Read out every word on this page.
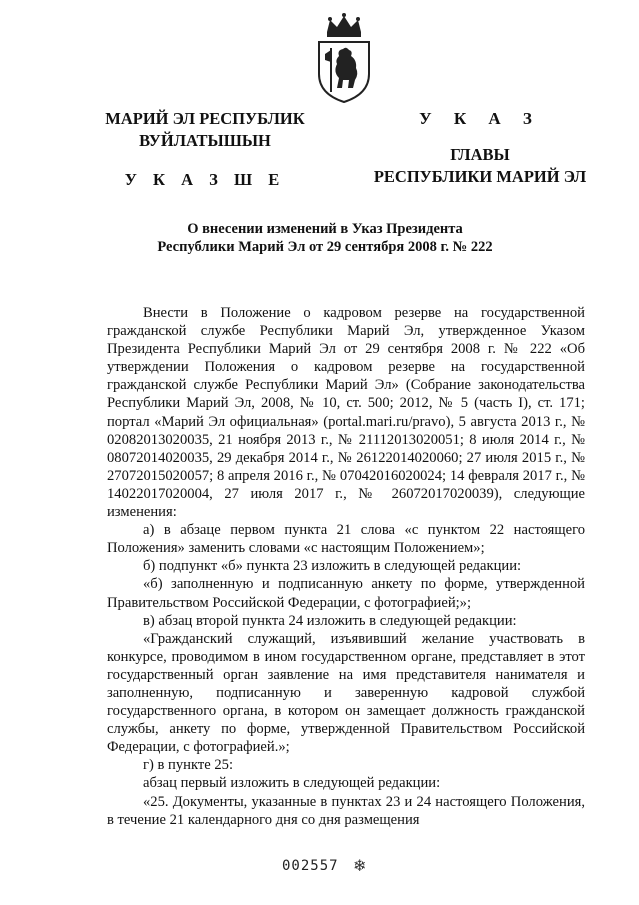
МАРИЙ ЭЛ РЕСПУБЛИК
ВУЙЛАТЫШЫН
У К А З Ш Е
У К А З
ГЛАВЫ
РЕСПУБЛИКИ МАРИЙ ЭЛ
О внесении изменений в Указ Президента
Республики Марий Эл от 29 сентября 2008 г. № 222

Внести в Положение о кадровом резерве на государственной гражданской службе Республики Марий Эл, утвержденное Указом Президента Республики Марий Эл от 29 сентября 2008 г. № 222 «Об утверждении Положения о кадровом резерве на государственной гражданской службе Республики Марий Эл» (Собрание законодательства Республики Марий Эл, 2008, № 10, ст. 500; 2012, № 5 (часть I), ст. 171; портал «Марий Эл официальная» (portal.mari.ru/pravo), 5 августа 2013 г., № 02082013020035, 21 ноября 2013 г., № 21112013020051; 8 июля 2014 г., № 08072014020035, 29 декабря 2014 г., № 26122014020060; 27 июля 2015 г., № 27072015020057; 8 апреля 2016 г., № 07042016020024; 14 февраля 2017 г., № 14022017020004, 27 июля 2017 г., № 26072017020039), следующие изменения:

а) в абзаце первом пункта 21 слова «с пунктом 22 настоящего Положения» заменить словами «с настоящим Положением»;

б) подпункт «б» пункта 23 изложить в следующей редакции:

«б) заполненную и подписанную анкету по форме, утвержденной Правительством Российской Федерации, с фотографией;»;

в) абзац второй пункта 24 изложить в следующей редакции:

«Гражданский служащий, изъявивший желание участвовать в конкурсе, проводимом в ином государственном органе, представляет в этот государственный орган заявление на имя представителя нанимателя и заполненную, подписанную и заверенную кадровой службой государственного органа, в котором он замещает должность гражданской службы, анкету по форме, утвержденной Правительством Российской Федерации, с фотографией.»;

г) в пункте 25:

абзац первый изложить в следующей редакции:

«25. Документы, указанные в пунктах 23 и 24 настоящего Положения, в течение 21 календарного дня со дня размещения

002557 ❄
